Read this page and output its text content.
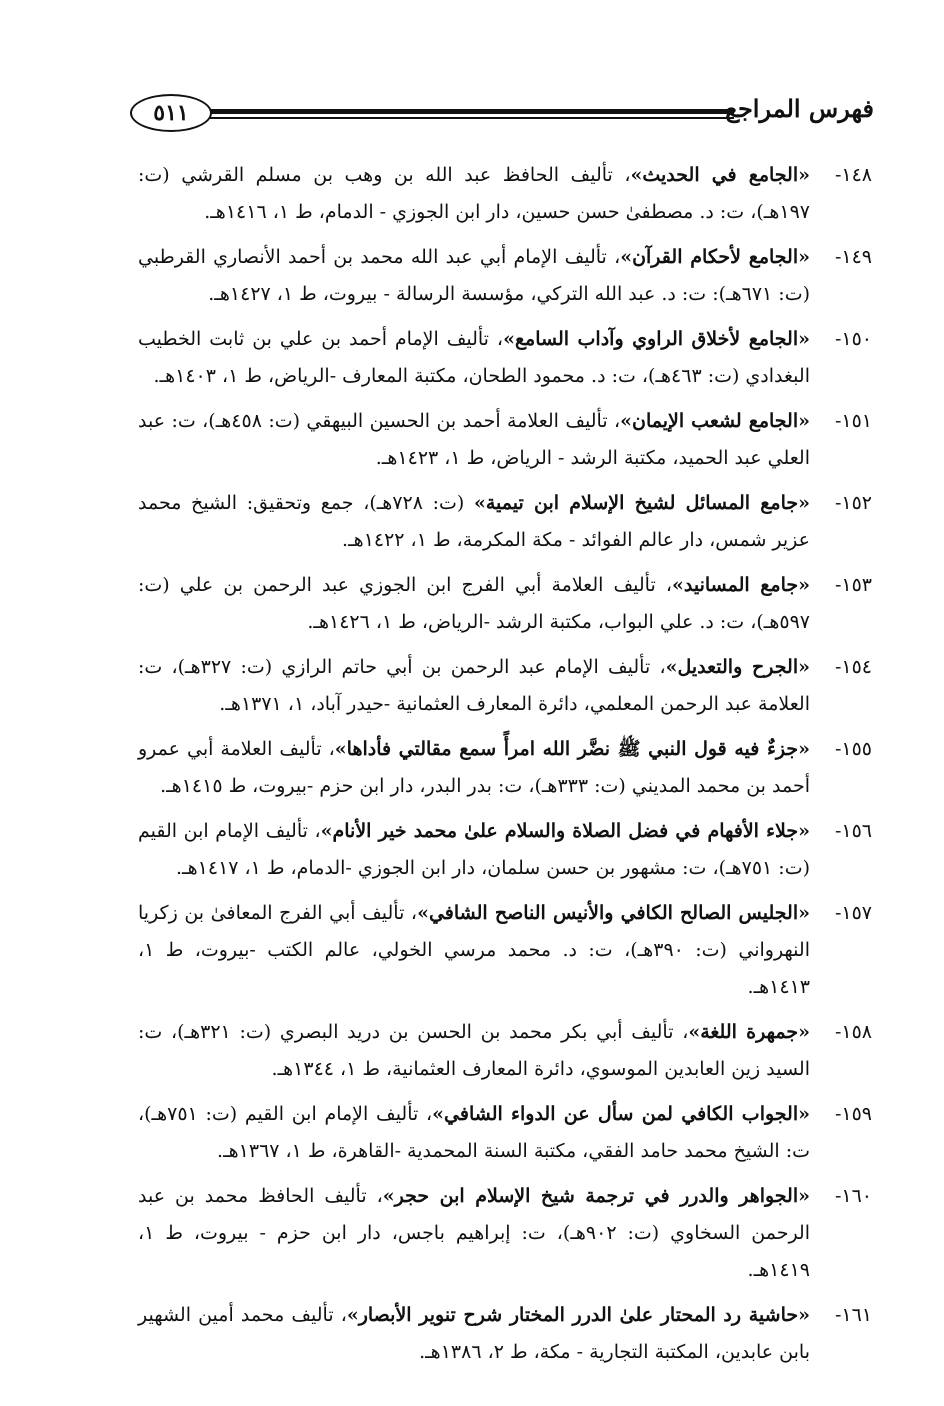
٥١١	فهرس المراجع
١٤٨-
«الجامع في الحديث»، تأليف الحافظ عبد الله بن وهب بن مسلم القرشي (ت: ١٩٧هـ)، ت: د. مصطفىٰ حسن حسين، دار ابن الجوزي - الدمام، ط ١، ١٤١٦هـ.
١٤٩-
«الجامع لأحكام القرآن»، تأليف الإمام أبي عبد الله محمد بن أحمد الأنصاري القرطبي (ت: ٦٧١هـ): ت: د. عبد الله التركي، مؤسسة الرسالة - بيروت، ط ١، ١٤٢٧هـ.
١٥٠-
«الجامع لأخلاق الراوي وآداب السامع»، تأليف الإمام أحمد بن علي بن ثابت الخطيب البغدادي (ت: ٤٦٣هـ)، ت: د. محمود الطحان، مكتبة المعارف -الرياض، ط ١، ١٤٠٣هـ.
١٥١-
«الجامع لشعب الإيمان»، تأليف العلامة أحمد بن الحسين البيهقي (ت: ٤٥٨هـ)، ت: عبد العلي عبد الحميد، مكتبة الرشد - الرياض، ط ١، ١٤٢٣هـ.
١٥٢-
«جامع المسائل لشيخ الإسلام ابن تيمية» (ت: ٧٢٨هـ)، جمع وتحقيق: الشيخ محمد عزير شمس، دار عالم الفوائد - مكة المكرمة، ط ١، ١٤٢٢هـ.
١٥٣-
«جامع المسانيد»، تأليف العلامة أبي الفرج ابن الجوزي عبد الرحمن بن علي (ت: ٥٩٧هـ)، ت: د. علي البواب، مكتبة الرشد -الرياض، ط ١، ١٤٢٦هـ.
١٥٤-
«الجرح والتعديل»، تأليف الإمام عبد الرحمن بن أبي حاتم الرازي (ت: ٣٢٧هـ)، ت: العلامة عبد الرحمن المعلمي، دائرة المعارف العثمانية -حيدر آباد، ١، ١٣٧١هـ.
١٥٥-
«جزءٌ فيه قول النبي ﷺ نضَّر الله امرأً سمع مقالتي فأداها»، تأليف العلامة أبي عمرو أحمد بن محمد المديني (ت: ٣٣٣هـ)، ت: بدر البدر، دار ابن حزم -بيروت، ط ١٤١٥هـ.
١٥٦-
«جلاء الأفهام في فضل الصلاة والسلام علىٰ محمد خير الأنام»، تأليف الإمام ابن القيم (ت: ٧٥١هـ)، ت: مشهور بن حسن سلمان، دار ابن الجوزي -الدمام، ط ١، ١٤١٧هـ.
١٥٧-
«الجليس الصالح الكافي والأنيس الناصح الشافي»، تأليف أبي الفرج المعافىٰ بن زكريا النهرواني (ت: ٣٩٠هـ)، ت: د. محمد مرسي الخولي، عالم الكتب -بيروت، ط ١، ١٤١٣هـ.
١٥٨-
«جمهرة اللغة»، تأليف أبي بكر محمد بن الحسن بن دريد البصري (ت: ٣٢١هـ)، ت: السيد زين العابدين الموسوي، دائرة المعارف العثمانية، ط ١، ١٣٤٤هـ.
١٥٩-
«الجواب الكافي لمن سأل عن الدواء الشافي»، تأليف الإمام ابن القيم (ت: ٧٥١هـ)، ت: الشيخ محمد حامد الفقي، مكتبة السنة المحمدية -القاهرة، ط ١، ١٣٦٧هـ.
١٦٠-
«الجواهر والدرر في ترجمة شيخ الإسلام ابن حجر»، تأليف الحافظ محمد بن عبد الرحمن السخاوي (ت: ٩٠٢هـ)، ت: إبراهيم باجس، دار ابن حزم - بيروت، ط ١، ١٤١٩هـ.
١٦١-
«حاشية رد المحتار علىٰ الدرر المختار شرح تنوير الأبصار»، تأليف محمد أمين الشهير بابن عابدين، المكتبة التجارية - مكة، ط ٢، ١٣٨٦هـ.
